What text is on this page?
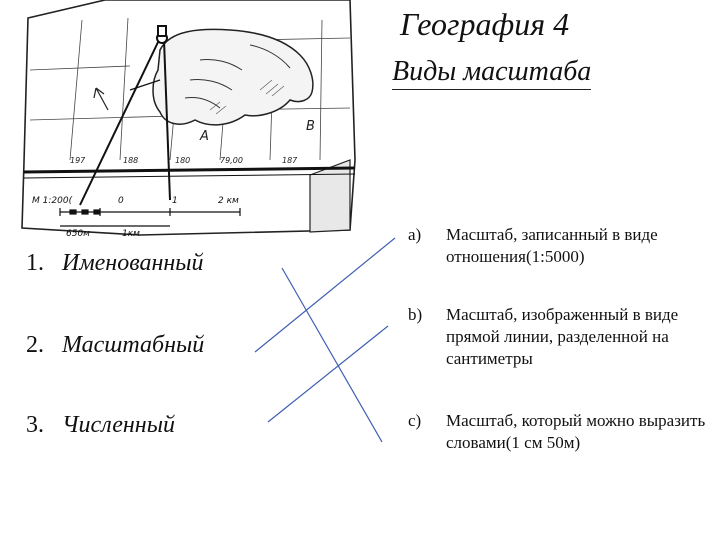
A
B
197	188	180	79,00	187
M 1:200(	0	1	2 км
650м	1км
География 4
Виды масштаба
1. Именованный
2. Масштабный
3. Численный
a) Масштаб, записанный в виде отношения(1:5000)
b) Масштаб, изображенный в виде прямой линии, разделенной на сантиметры
c) Масштаб, который можно выразить словами(1 см 50м)
